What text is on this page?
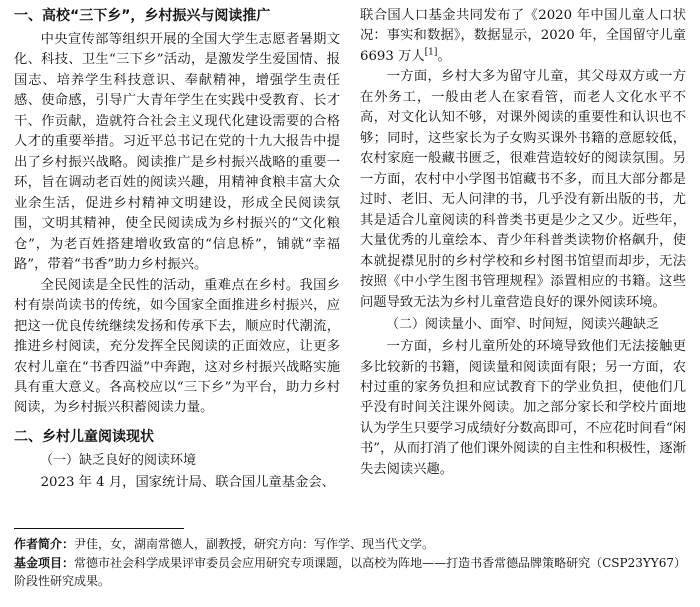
一、高校“三下乡”，乡村振兴与阅读推广

中央宣传部等组织开展的全国大学生志愿者暑期文化、科技、卫生“三下乡”活动，是激发学生爱国情、报国志、培养学生科技意识、奉献精神，增强学生责任感、使命感，引导广大青年学生在实践中受教育、长才干、作贡献，造就符合社会主义现代化建设需要的合格人才的重要举措。习近平总书记在党的十九大报告中提出了乡村振兴战略。阅读推广是乡村振兴战略的重要一环，旨在调动老百姓的阅读兴趣，用精神食粮丰富大众业余生活，促进乡村精神文明建设，形成全民阅读氛围，文明其精神，使全民阅读成为乡村振兴的“文化粮仓”，为老百姓搭建增收致富的“信息桥”，铺就“幸福路”，带着“书香”助力乡村振兴。

全民阅读是全民性的活动，重难点在乡村。我国乡村有崇尚读书的传统，如今国家全面推进乡村振兴，应把这一优良传统继续发扬和传承下去，顺应时代潮流，推进乡村阅读，充分发挥全民阅读的正面效应，让更多农村儿童在“书香四溢”中奔跑，这对乡村振兴战略实施具有重大意义。各高校应以“三下乡”为平台，助力乡村阅读，为乡村振兴积蓄阅读力量。

二、乡村儿童阅读现状
（一）缺乏良好的阅读环境

2023 年 4 月，国家统计局、联合国儿童基金会、

联合国人口基金共同发布了《2020 年中国儿童人口状况：事实和数据》，数据显示，2020 年，全国留守儿童 6693 万人[1]。

一方面，乡村大多为留守儿童，其父母双方或一方在外务工，一般由老人在家看管，而老人文化水平不高，对文化认知不够，对课外阅读的重要性和认识也不够；同时，这些家长为子女购买课外书籍的意愿较低，农村家庭一般藏书匮乏，很难营造较好的阅读氛围。另一方面，农村中小学图书馆藏书不多，而且大部分都是过时、老旧、无人问津的书，几乎没有新出版的书，尤其是适合儿童阅读的科普类书更是少之又少。近些年，大量优秀的儿童绘本、青少年科普类读物价格飙升，使本就捉襟见肘的乡村学校和乡村图书馆望而却步，无法按照《中小学生图书管理规程》添置相应的书籍。这些问题导致无法为乡村儿童营造良好的课外阅读环境。

（二）阅读量小、面窄、时间短，阅读兴趣缺乏

一方面，乡村儿童所处的环境导致他们无法接触更多比较新的书籍，阅读量和阅读面有限；另一方面，农村过重的家务负担和应试教育下的学业负担，使他们几乎没有时间关注课外阅读。加之部分家长和学校片面地认为学生只要学习成绩好分数高即可，不应花时间看“闲书”，从而打消了他们课外阅读的自主性和积极性，逐渐失去阅读兴趣。

作者简介：尹佳，女，湖南常德人，副教授，研究方向：写作学、现当代文学。
基金项目：常德市社会科学成果评审委员会应用研究专项课题，以高校为阵地——打造书香常德品牌策略研究（CSP23YY67）阶段性研究成果。
